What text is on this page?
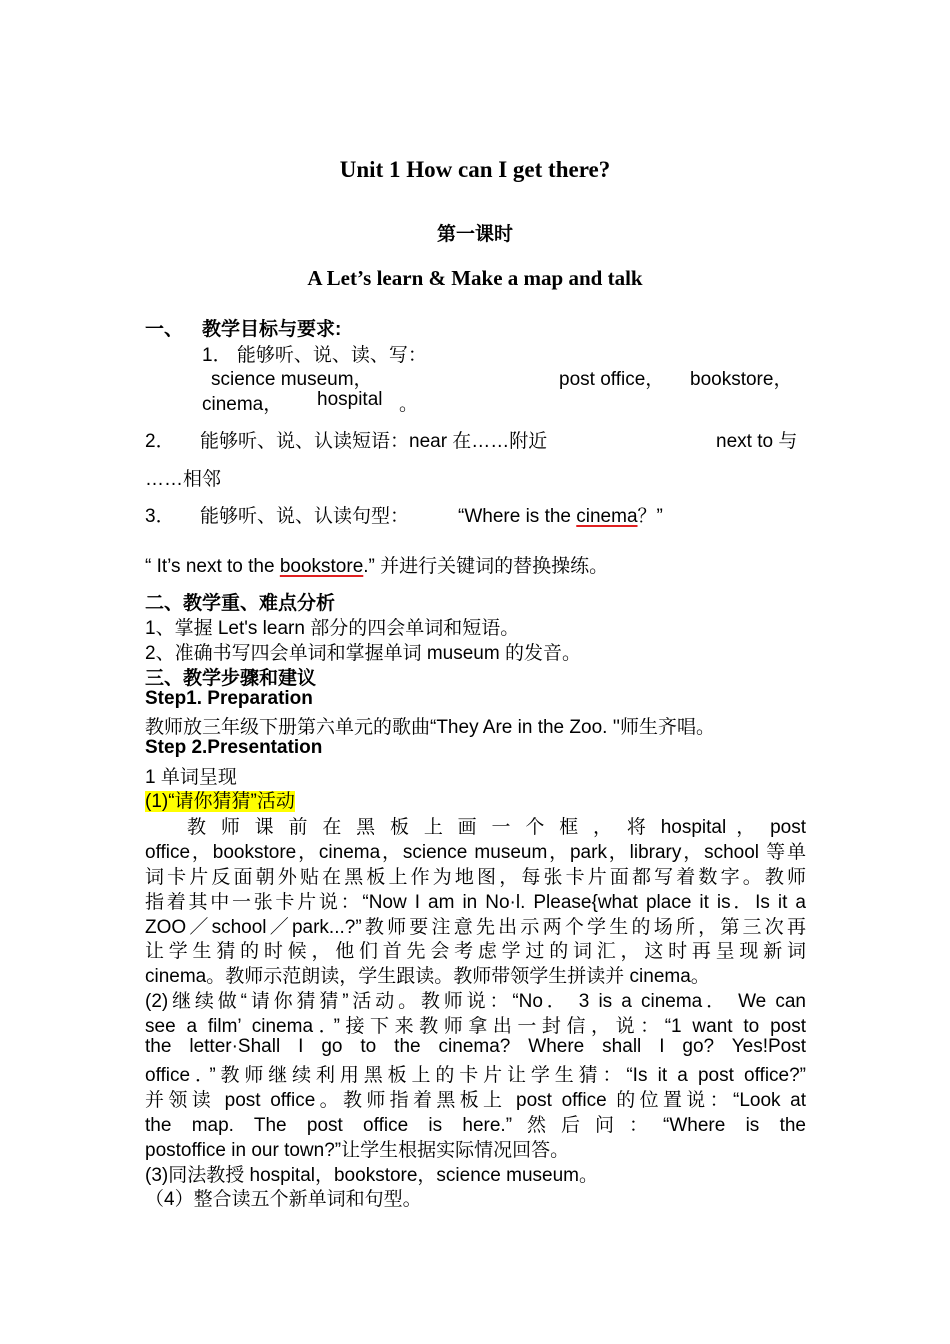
Unit 1 How can I get there?
第一课时
A Let’s learn & Make a map and talk
一、 教学目标与要求:
1． 能够听、说、读、写：
science museum，	post office， bookstore，
cinema， hospital 。
2． 能够听、说、认读短语：near 在……附近	next to 与
……相邻
3． 能够听、说、认读句型：	“Where is the cinema？”
“ It’s next to the bookstore.” 并进行关键词的替换操练。
二、教学重、难点分析
1、掌握 Let's learn 部分的四会单词和短语。
2、准确书写四会单词和掌握单词 museum 的发音。
三、教学步骤和建议
Step1. Preparation
教师放三年级下册第六单元的歌曲“They Are in the Zoo. ''师生齐唱。
Step 2.Presentation
1 单词呈现
(1)“请你猜猜”活动
教 师 课 前 在 黑 板 上 画 一 个 框 ， 将 hospital ， post
office，bookstore，cinema，science museum，park，library，school 等单
词卡片反面朝外贴在黑板上作为地图，每张卡片面都写着数字。教师
指着其中一张卡片说：“Now I am in No·l. Please{what place it is．Is it a
ZOO／school／park...?”教师要注意先出示两个学生的场所，第三次再
让学生猜的时候，他们首先会考虑学过的词汇，这时再呈现新词
cinema。教师示范朗读，学生跟读。教师带领学生拼读并 cinema。
(2)继续做“请你猜猜”活动。教师说：“No． 3 is a cinema． We can
see a film’ cinema．”接下来教师拿出一封信，说：“1 want to post
the letter·Shall I go to the cinema? Where shall I go? Yes!Post
office．”教师继续利用黑板上的卡片让学生猜：“Is it a post office?”
并领读 post office。教师指着黑板上 post office 的位置说：“Look at
the map. The post office is here.”然后问：“Where is the
postoffice in our town?”让学生根据实际情况回答。
(3)同法教授 hospital，bookstore，science museum。
（4）整合读五个新单词和句型。
